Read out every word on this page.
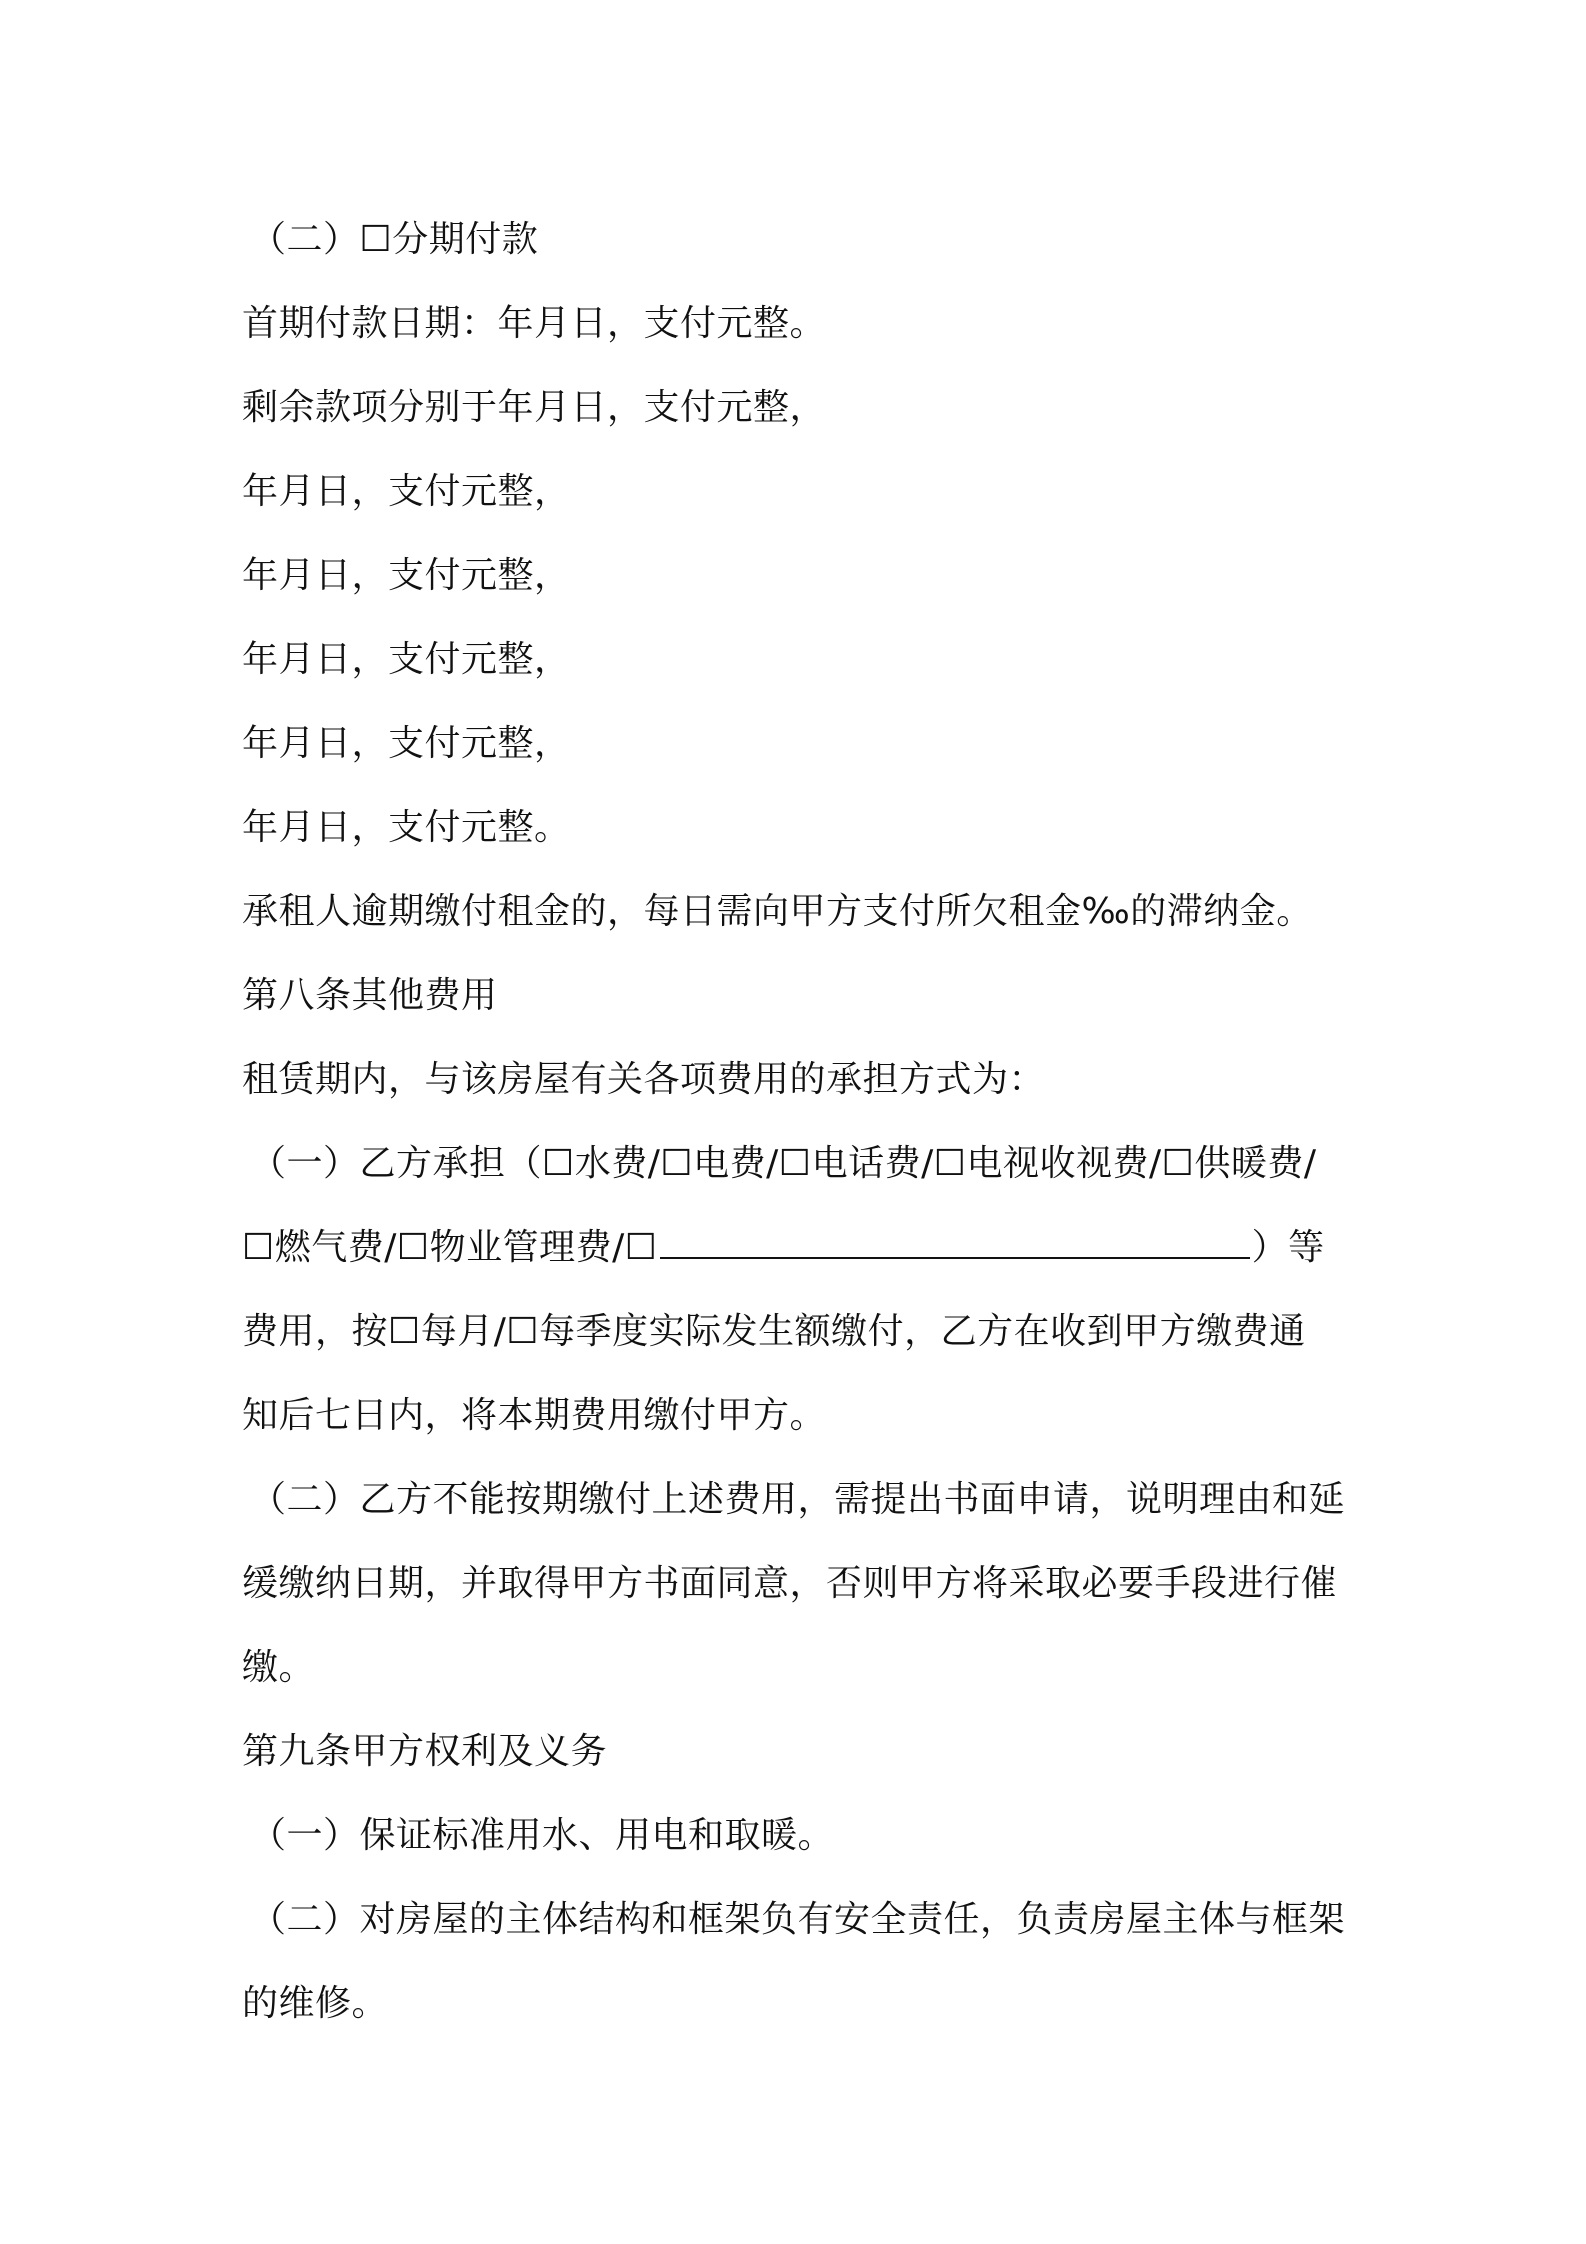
（二）☐分期付款
首期付款日期：年月日，支付元整。
剩余款项分别于年月日，支付元整，
年月日，支付元整，
年月日，支付元整，
年月日，支付元整，
年月日，支付元整，
年月日，支付元整。
承租人逾期缴付租金的，每日需向甲方支付所欠租金‰的滞纳金。
第八条其他费用
租赁期内，与该房屋有关各项费用的承担方式为：
（一）乙方承担（☐水费/☐电费/☐电话费/☐电视收视费/☐供暖费/
☐燃气费/☐物业管理费/☐	）等
费用，按☐每月/☐每季度实际发生额缴付，乙方在收到甲方缴费通
知后七日内，将本期费用缴付甲方。
（二）乙方不能按期缴付上述费用，需提出书面申请，说明理由和延
缓缴纳日期，并取得甲方书面同意，否则甲方将采取必要手段进行催
缴。
第九条甲方权利及义务
（一）保证标准用水、用电和取暖。
（二）对房屋的主体结构和框架负有安全责任，负责房屋主体与框架
的维修。
